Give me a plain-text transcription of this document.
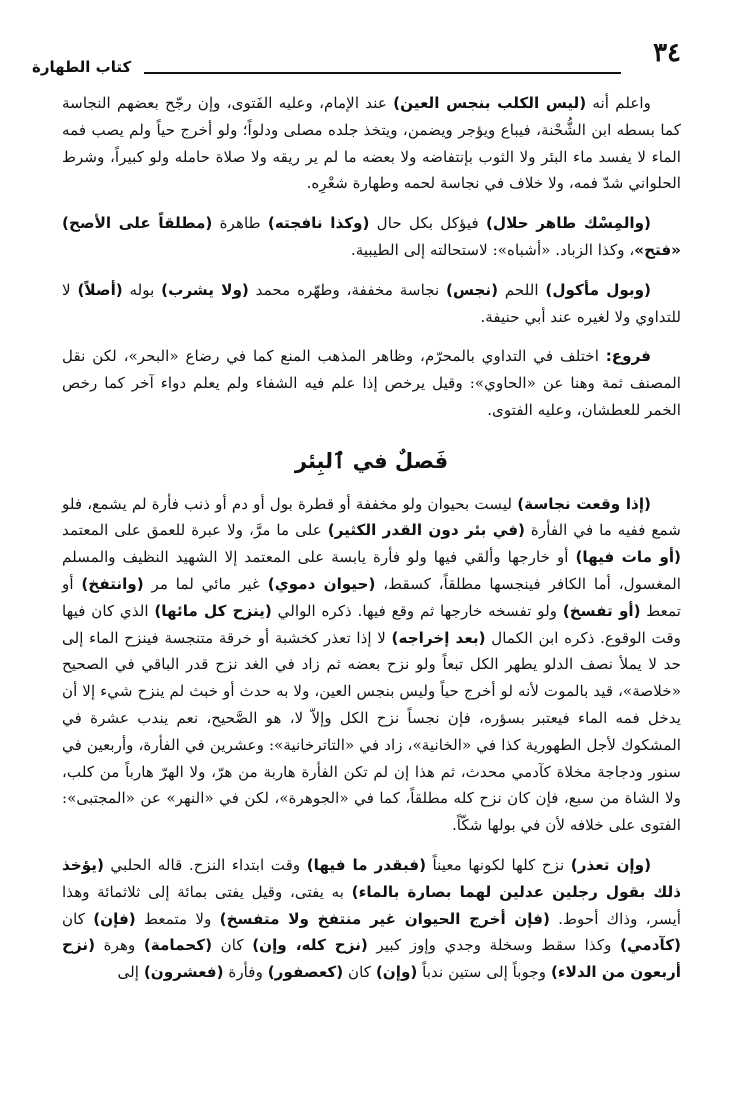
٣٤
كتاب الطهارة

واعلم أنه (ليس الكلب بنجس العين) عند الإمام، وعليه الفَتوى، وإن رجّح بعضهم النجاسة كما بسطه ابن الشُّحْنة، فيباع ويؤجر ويضمن، ويتخذ جلده مصلى ودلواً؛ ولو أخرج حياً ولم يصب فمه الماء لا يفسد ماء البئر ولا الثوب بإنتفاضه ولا بعضه ما لم ير ريقه ولا صلاة حامله ولو كبيراً، وشرط الحلواني شدّ فمه، ولا خلاف في نجاسة لحمه وطهارة شعْرِه.

(والمِسْك طاهر حلال) فيؤكل بكل حال (وكذا نافجته) طاهرة (مطلقاً على الأصح) «فتح»، وكذا الزباد. «أشباه»: لاستحالته إلى الطيبية.

(وبول مأكول) اللحم (نجس) نجاسة مخففة، وطهّره محمد (ولا يشرب) بوله (أصلاً) لا للتداوي ولا لغيره عند أبي حنيفة.

فروع: اختلف في التداوي بالمحرّم، وظاهر المذهب المنع كما في رضاع «البحر»، لكن نقل المصنف ثمة وهنا عن «الحاوي»: وقيل يرخص إذا علم فيه الشفاء ولم يعلم دواء آخر كما رخص الخمر للعطشان، وعليه الفتوى.

فَصلٌ في ٱلبِئر

(إذا وقعت نجاسة) ليست بحيوان ولو مخففة أو قطرة بول أو دم أو ذنب فأرة لم يشمع، فلو شمع ففيه ما في الفأرة (في بئر دون القدر الكثير) على ما مرَّ، ولا عبرة للعمق على المعتمد (أو مات فيها) أو خارجها وألقي فيها ولو فأرة يابسة على المعتمد إلا الشهيد النظيف والمسلم المغسول، أما الكافر فينجسها مطلقاً، كسقط، (حيوان دموي) غير مائي لما مر (وانتفخ) أو تمعط (أو تفسخ) ولو تفسخه خارجها ثم وقع فيها. ذكره الوالي (ينزح كل مائها) الذي كان فيها وقت الوقوع. ذكره ابن الكمال (بعد إخراجه) لا إذا تعذر كخشبة أو خرقة متنجسة فينزح الماء إلى حد لا يملأ نصف الدلو يطهر الكل تبعاً ولو نزح بعضه ثم زاد في الغد نزح قدر الباقي في الصحيح «خلاصة»، قيد بالموت لأنه لو أخرج حياً وليس بنجس العين، ولا به حدث أو خبث لم ينزح شيء إلا أن يدخل فمه الماء فيعتبر بسؤره، فإن نجساً نزح الكل وإلاّ لا، هو الصَّحيح، نعم يندب عشرة في المشكوك لأجل الطهورية كذا في «الخانية»، زاد في «التاترخانية»: وعشرين في الفأرة، وأربعين في سنور ودجاجة مخلاة كآدمي محدث، ثم هذا إن لم تكن الفأرة هاربة من هرّ، ولا الهرّ هارباً من كلب، ولا الشاة من سبع، فإن كان نزح كله مطلقاً، كما في «الجوهرة»، لكن في «النهر» عن «المجتبى»: الفتوى على خلافه لأن في بولها شكّاً.

(وإن تعذر) نزح كلها لكونها معيناً (فبقدر ما فيها) وقت ابتداء النزح. قاله الحلبي (يؤخذ ذلك بقول رجلين عدلين لهما بصارة بالماء) به يفتى، وقيل يفتى بمائة إلى ثلاثمائة وهذا أيسر، وذاك أحوط. (فإن أخرج الحيوان غير منتفخ ولا متفسخ) ولا متمعط (فإن) كان (كآدمي) وكذا سقط وسخلة وجدي وإوز كبير (نزح كله، وإن) كان (كحمامة) وهرة (نزح أربعون من الدلاء) وجوباً إلى ستين ندباً (وإن) كان (كعصفور) وفأرة (فعشرون) إلى
